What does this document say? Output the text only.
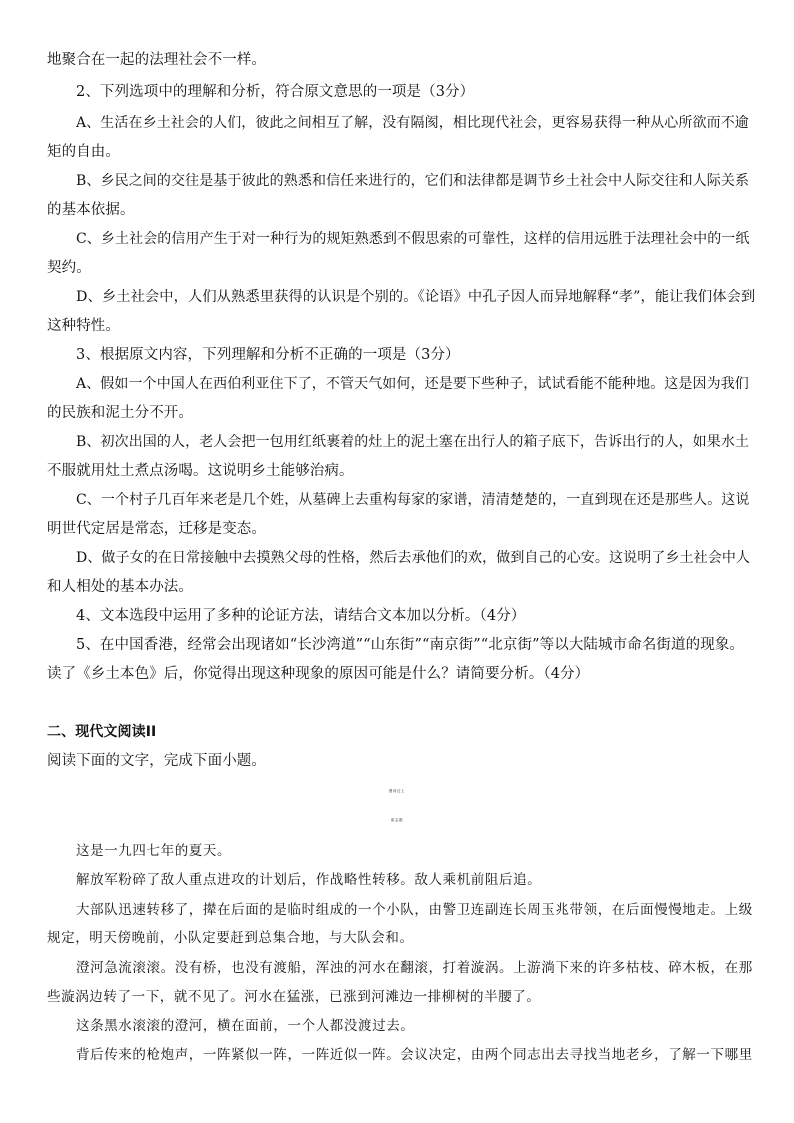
地聚合在一起的法理社会不一样。
2、下列选项中的理解和分析，符合原文意思的一项是（3分）
A、生活在乡土社会的人们，彼此之间相互了解，没有隔阂，相比现代社会，更容易获得一种从心所欲而不逾
矩的自由。
B、乡民之间的交往是基于彼此的熟悉和信任来进行的，它们和法律都是调节乡土社会中人际交往和人际关系
的基本依据。
C、乡土社会的信用产生于对一种行为的规矩熟悉到不假思索的可靠性，这样的信用远胜于法理社会中的一纸
契约。
D、乡土社会中，人们从熟悉里获得的认识是个别的。《论语》中孔子因人而异地解释“孝”，能让我们体会到
这种特性。
3、根据原文内容，下列理解和分析不正确的一项是（3分）
A、假如一个中国人在西伯利亚住下了，不管天气如何，还是要下些种子，试试看能不能种地。这是因为我们
的民族和泥土分不开。
B、初次出国的人，老人会把一包用红纸裹着的灶上的泥土塞在出行人的箱子底下，告诉出行的人，如果水土
不服就用灶土煮点汤喝。这说明乡土能够治病。
C、一个村子几百年来老是几个姓，从墓碑上去重构每家的家谱，清清楚楚的，一直到现在还是那些人。这说
明世代定居是常态，迁移是变态。
D、做子女的在日常接触中去摸熟父母的性格，然后去承他们的欢，做到自己的心安。这说明了乡土社会中人
和人相处的基本办法。
4、文本选段中运用了多种的论证方法，请结合文本加以分析。（4分）
5、在中国香港，经常会出现诸如“长沙湾道”“山东街”“南京街”“北京街”等以大陆城市命名街道的现象。
读了《乡土本色》后，你觉得出现这种现象的原因可能是什么？请简要分析。（4分）
二、现代文阅读II
阅读下面的文字，完成下面小题。
澄河边上
茹志鹃
这是一九四七年的夏天。
解放军粉碎了敌人重点进攻的计划后，作战略性转移。敌人乘机前阻后追。
大部队迅速转移了，撵在后面的是临时组成的一个小队，由警卫连副连长周玉兆带领，在后面慢慢地走。上级
规定，明天傍晚前，小队定要赶到总集合地，与大队会和。
澄河急流滚滚。没有桥，也没有渡船，浑浊的河水在翻滚，打着漩涡。上游淌下来的许多枯枝、碎木板，在那
些漩涡边转了一下，就不见了。河水在猛涨，已涨到河滩边一排柳树的半腰了。
这条黑水滚滚的澄河，横在面前，一个人都没渡过去。
背后传来的枪炮声，一阵紧似一阵，一阵近似一阵。会议决定，由两个同志出去寻找当地老乡，了解一下哪里
